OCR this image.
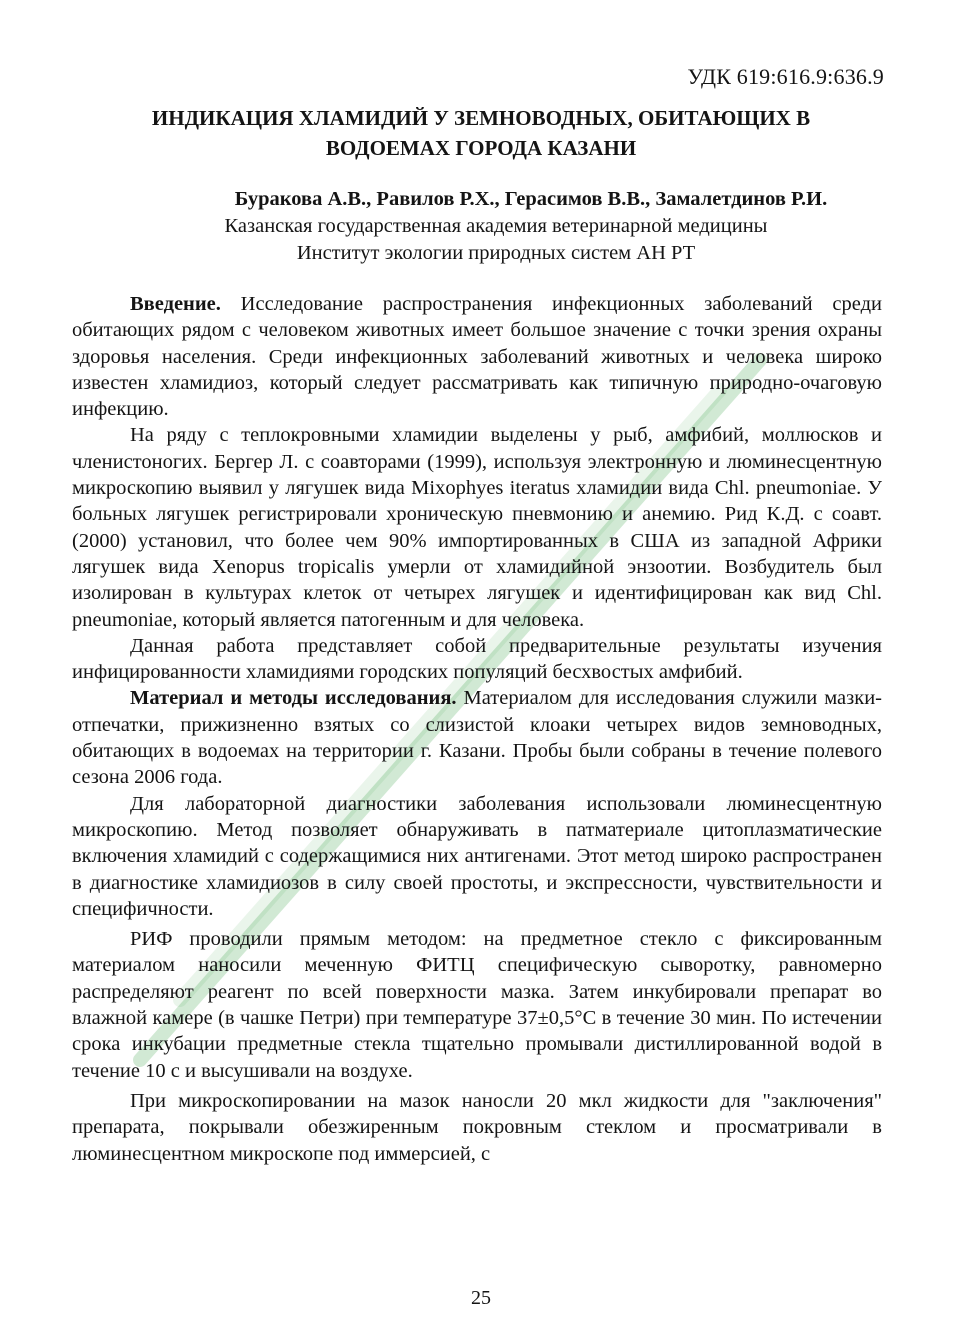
УДК 619:616.9:636.9
ИНДИКАЦИЯ ХЛАМИДИЙ У ЗЕМНОВОДНЫХ, ОБИТАЮЩИХ В
ВОДОЕМАХ ГОРОДА КАЗАНИ
Буракова А.В., Равилов Р.Х., Герасимов В.В., Замалетдинов Р.И.
Казанская государственная академия ветеринарной медицины
Институт экологии природных систем АН РТ

Введение. Исследование распространения инфекционных заболеваний среди обитающих рядом с человеком животных имеет большое значение с точки зрения охраны здоровья населения. Среди инфекционных заболеваний животных и человека широко известен хламидиоз, который следует рассматривать как типичную природно-очаговую инфекцию.

На ряду с теплокровными хламидии выделены у рыб, амфибий, моллюсков и членистоногих. Бергер Л. с соавторами (1999), используя электронную и люминесцентную микроскопию выявил у лягушек вида Mixophyes iteratus хламидии вида Chl. pneumoniae. У больных лягушек регистрировали хроническую пневмонию и анемию. Рид К.Д. с соавт. (2000) установил, что более чем 90% импортированных в США из западной Африки лягушек вида Xenopus tropicalis умерли от хламидийной энзоотии. Возбудитель был изолирован в культурах клеток от четырех лягушек и идентифицирован как вид Chl. pneumoniae, который является патогенным и для человека.

Данная работа представляет собой предварительные результаты изучения инфицированности хламидиями городских популяций бесхвостых амфибий.

Материал и методы исследования. Материалом для исследования служили мазки-отпечатки, прижизненно взятых со слизистой клоаки четырех видов земноводных, обитающих в водоемах на территории г. Казани. Пробы были собраны в течение полевого сезона 2006 года.

Для лабораторной диагностики заболевания использовали люминесцентную микроскопию. Метод позволяет обнаруживать в патматериале цитоплазматические включения хламидий с содержащимися них антигенами. Этот метод широко распространен в диагностике хламидиозов в силу своей простоты, и экспрессности, чувствительности и специфичности.

РИФ проводили прямым методом: на предметное стекло с фиксированным материалом наносили меченную ФИТЦ специфическую сыворотку, равномерно распределяют реагент по всей поверхности мазка. Затем инкубировали препарат во влажной камере (в чашке Петри) при температуре 37±0,5°С в течение 30 мин. По истечении срока инкубации предметные стекла тщательно промывали дистиллированной водой в течение 10 с и высушивали на воздухе.

При микроскопировании на мазок наносли 20 мкл жидкости для "заключения" препарата, покрывали обезжиренным покровным стеклом и просматривали в люминесцентном микроскопе под иммерсией, с

25
